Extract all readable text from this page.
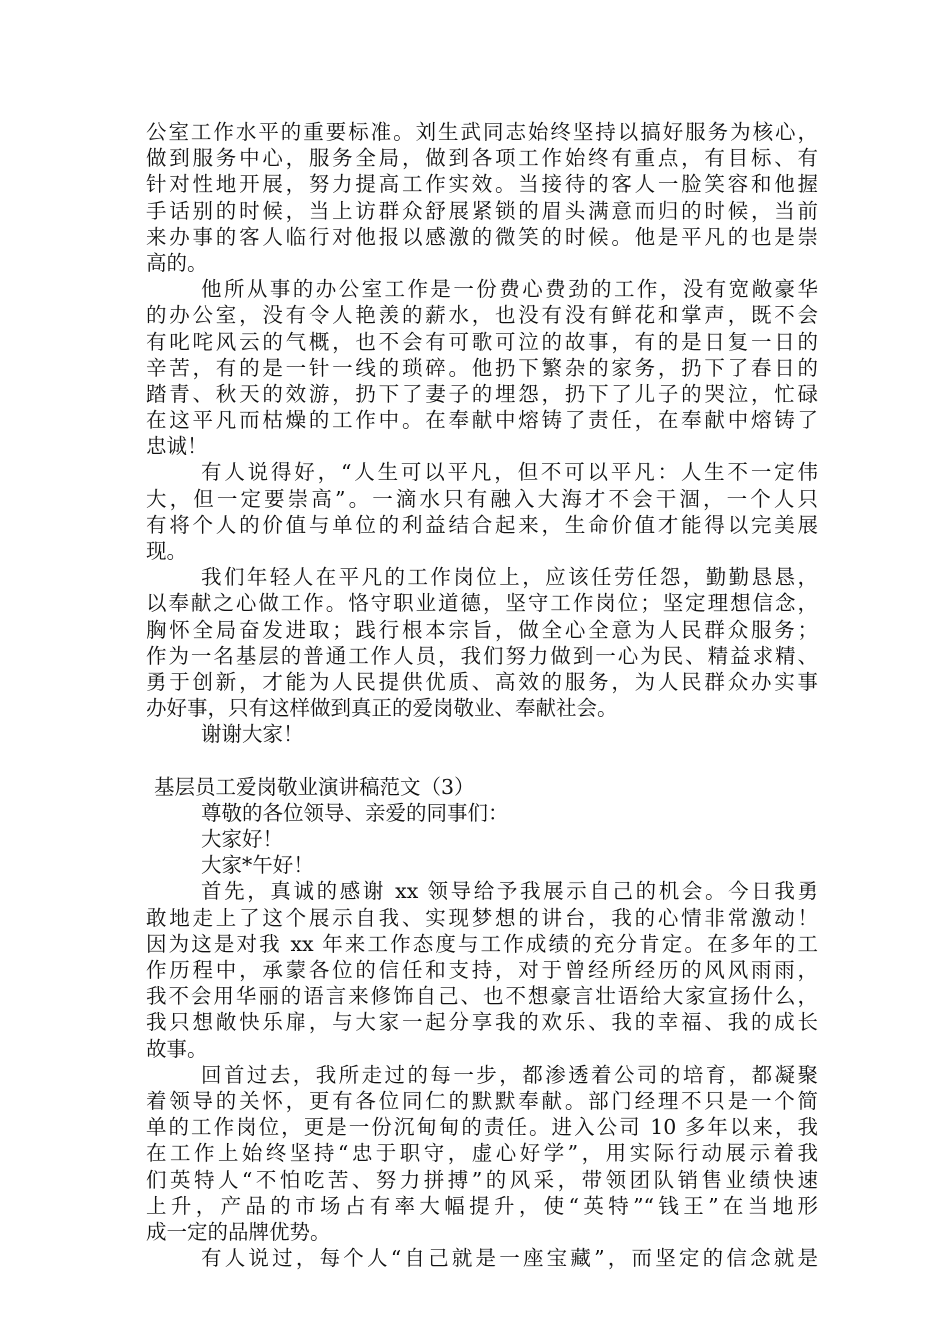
公室工作水平的重要标准。刘生武同志始终坚持以搞好服务为核心，
做到服务中心，服务全局，做到各项工作始终有重点，有目标、有
针对性地开展，努力提高工作实效。当接待的客人一脸笑容和他握
手话别的时候，当上访群众舒展紧锁的眉头满意而归的时候，当前
来办事的客人临行对他报以感激的微笑的时候。他是平凡的也是崇
高的。
他所从事的办公室工作是一份费心费劲的工作，没有宽敞豪华
的办公室，没有令人艳羡的薪水，也没有没有鲜花和掌声，既不会
有叱咤风云的气概，也不会有可歌可泣的故事，有的是日复一日的
辛苦，有的是一针一线的琐碎。他扔下繁杂的家务，扔下了春日的
踏青、秋天的效游，扔下了妻子的埋怨，扔下了儿子的哭泣，忙碌
在这平凡而枯燥的工作中。在奉献中熔铸了责任，在奉献中熔铸了
忠诚！
有人说得好，“人生可以平凡，但不可以平凡：人生不一定伟
大，但一定要崇高”。一滴水只有融入大海才不会干涸，一个人只
有将个人的价值与单位的利益结合起来，生命价值才能得以完美展
现。
我们年轻人在平凡的工作岗位上，应该任劳任怨，勤勤恳恳，
以奉献之心做工作。恪守职业道德，坚守工作岗位；坚定理想信念，
胸怀全局奋发进取；践行根本宗旨，做全心全意为人民群众服务；
作为一名基层的普通工作人员，我们努力做到一心为民、精益求精、
勇于创新，才能为人民提供优质、高效的服务，为人民群众办实事
办好事，只有这样做到真正的爱岗敬业、奉献社会。
谢谢大家！
基层员工爱岗敬业演讲稿范文（3）
尊敬的各位领导、亲爱的同事们：
大家好！
大家*午好！
首先，真诚的感谢 xx 领导给予我展示自己的机会。今日我勇
敢地走上了这个展示自我、实现梦想的讲台，我的心情非常激动！
因为这是对我 xx 年来工作态度与工作成绩的充分肯定。在多年的工
作历程中，承蒙各位的信任和支持，对于曾经所经历的风风雨雨，
我不会用华丽的语言来修饰自己、也不想豪言壮语给大家宣扬什么，
我只想敞快乐扉，与大家一起分享我的欢乐、我的幸福、我的成长
故事。
回首过去，我所走过的每一步，都渗透着公司的培育，都凝聚
着领导的关怀，更有各位同仁的默默奉献。部门经理不只是一个简
单的工作岗位，更是一份沉甸甸的责任。进入公司 10 多年以来，我
在工作上始终坚持“忠于职守，虚心好学”，用实际行动展示着我
们英特人“不怕吃苦、努力拼搏”的风采，带领团队销售业绩快速
上升，产品的市场占有率大幅提升，使“英特”“钱王”在当地形
成一定的品牌优势。
有人说过，每个人“自己就是一座宝藏”，而坚定的信念就是
